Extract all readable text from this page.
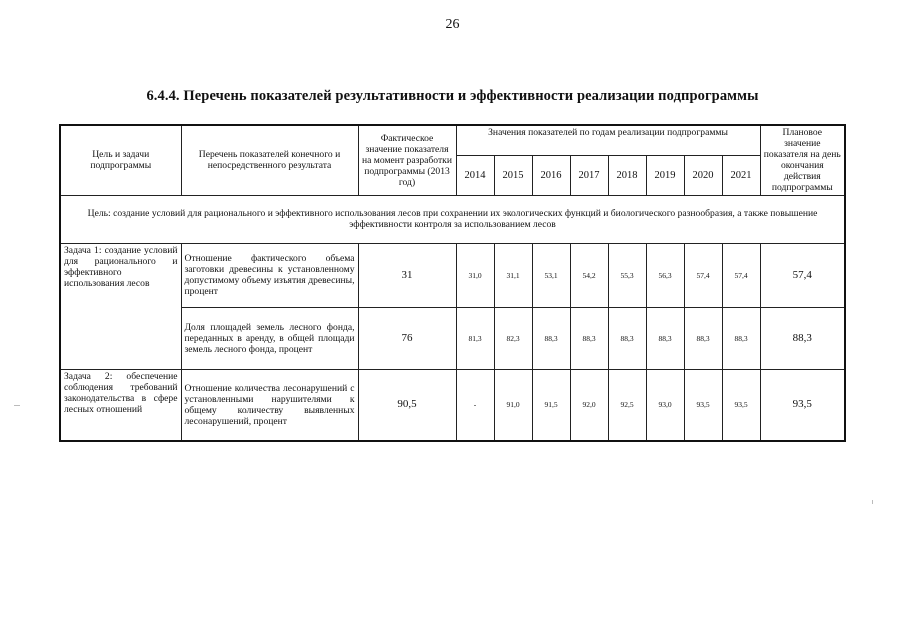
26
6.4.4. Перечень показателей результативности и эффективности реализации подпрограммы
Цель и задачи подпрограммы	Перечень показателей конечного и непосредственного результата	Фактическое значение показателя на момент разработки подпрограммы (2013 год)	Значения показателей по годам реализации подпрограммы								Плановое значение показателя на день окончания действия подпрограммы
			2014	2015	2016	2017	2018	2019	2020	2021	
Цель: создание условий для рационального и эффективного использования лесов при сохранении их экологических функций и биологического разнообразия, а также повышение эффективности контроля за использованием лесов											
Задача 1: создание условий для рационального и эффективного использования лесов	Отношение фактического объема заготовки древесины к установленному допустимому объему изъятия древесины, процент	31	31,0	31,1	53,1	54,2	55,3	56,3	57,4	57,4	57,4
	Доля площадей земель лесного фонда, переданных в аренду, в общей площади земель лесного фонда, процент	76	81,3	82,3	88,3	88,3	88,3	88,3	88,3	88,3	88,3
Задача 2: обеспечение соблюдения требований законодательства в сфере лесных отношений	Отношение количества лесонарушений с установленными нарушителями к общему количеству выявленных лесонарушений, процент	90,5	-	91,0	91,5	92,0	92,5	93,0	93,5	93,5	93,5
